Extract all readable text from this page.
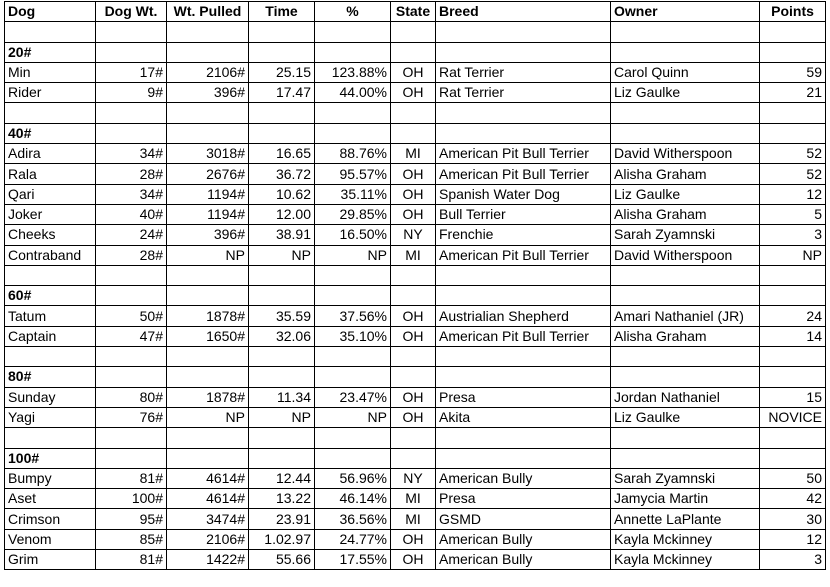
Dog	Dog Wt.	Wt. Pulled	Time	%	State	Breed	Owner	Points

20#								
Min	17#	2106#	25.15	123.88%	OH	Rat Terrier	Carol Quinn	59
Rider	9#	396#	17.47	44.00%	OH	Rat Terrier	Liz Gaulke	21

40#								
Adira	34#	3018#	16.65	88.76%	MI	American Pit Bull Terrier	David Witherspoon	52
Rala	28#	2676#	36.72	95.57%	OH	American Pit Bull Terrier	Alisha Graham	52
Qari	34#	1194#	10.62	35.11%	OH	Spanish Water Dog	Liz Gaulke	12
Joker	40#	1194#	12.00	29.85%	OH	Bull Terrier	Alisha Graham	5
Cheeks	24#	396#	38.91	16.50%	NY	Frenchie	Sarah Zyamnski	3
Contraband	28#	NP	NP	NP	MI	American Pit Bull Terrier	David Witherspoon	NP

60#								
Tatum	50#	1878#	35.59	37.56%	OH	Austrialian Shepherd	Amari Nathaniel (JR)	24
Captain	47#	1650#	32.06	35.10%	OH	American Pit Bull Terrier	Alisha Graham	14

80#								
Sunday	80#	1878#	11.34	23.47%	OH	Presa	Jordan Nathaniel	15
Yagi	76#	NP	NP	NP	OH	Akita	Liz Gaulke	NOVICE

100#								
Bumpy	81#	4614#	12.44	56.96%	NY	American Bully	Sarah Zyamnski	50
Aset	100#	4614#	13.22	46.14%	MI	Presa	Jamycia Martin	42
Crimson	95#	3474#	23.91	36.56%	MI	GSMD	Annette LaPlante	30
Venom	85#	2106#	1.02.97	24.77%	OH	American Bully	Kayla Mckinney	12
Grim	81#	1422#	55.66	17.55%	OH	American Bully	Kayla Mckinney	3
